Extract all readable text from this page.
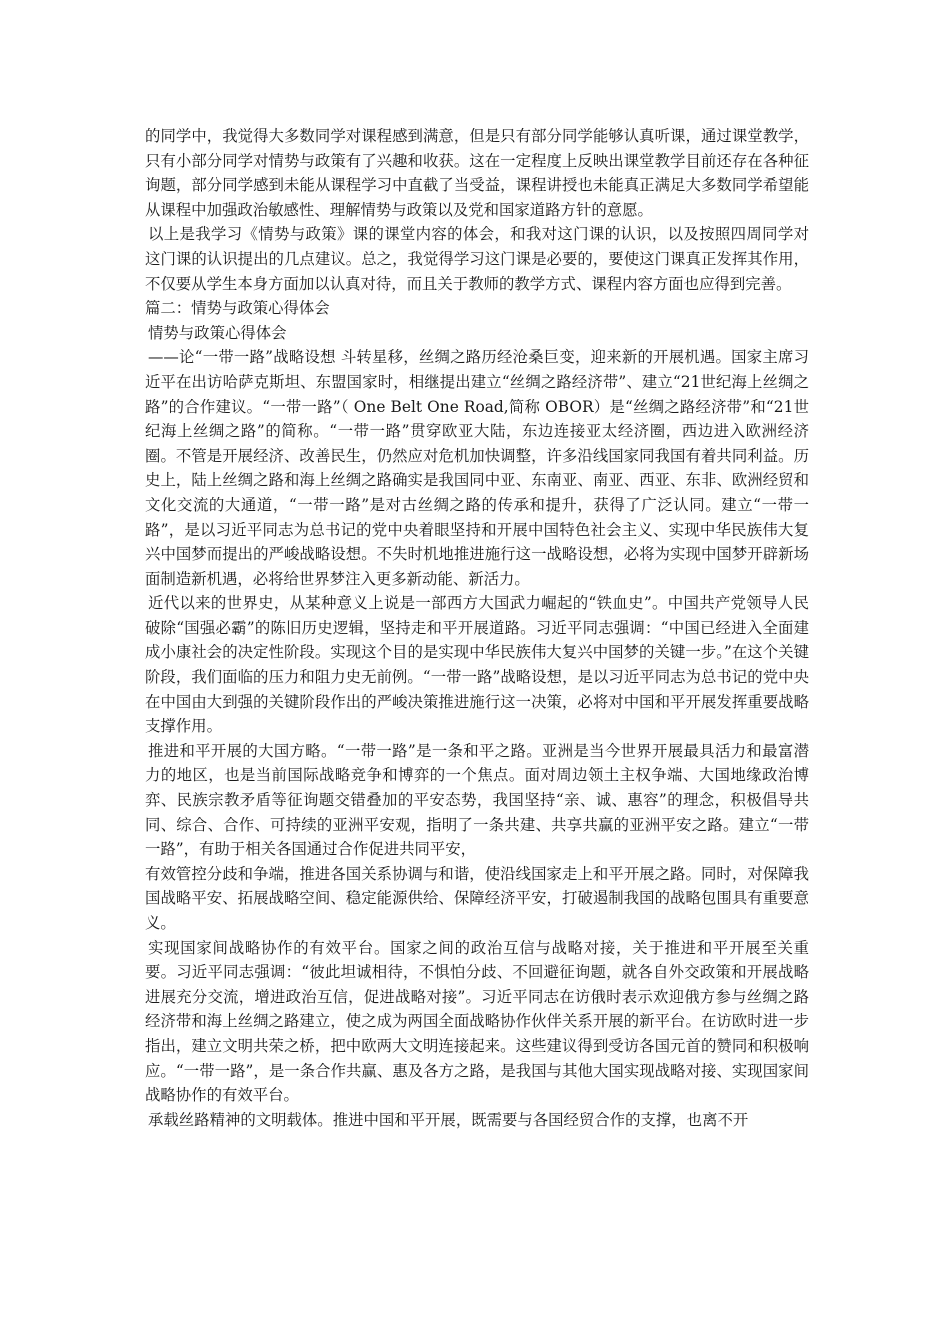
的同学中，我觉得大多数同学对课程感到满意，但是只有部分同学能够认真听课，通过课堂教学，只有小部分同学对情势与政策有了兴趣和收获。这在一定程度上反映出课堂教学目前还存在各种征询题，部分同学感到未能从课程学习中直截了当受益，课程讲授也未能真正满足大多数同学希望能从课程中加强政治敏感性、理解情势与政策以及党和国家道路方针的意愿。

以上是我学习《情势与政策》课的课堂内容的体会，和我对这门课的认识，以及按照四周同学对这门课的认识提出的几点建议。总之，我觉得学习这门课是必要的，要使这门课真正发挥其作用，不仅要从学生本身方面加以认真对待，而且关于教师的教学方式、课程内容方面也应得到完善。

篇二：情势与政策心得体会

情势与政策心得体会

——论“一带一路”战略设想 斗转星移，丝绸之路历经沧桑巨变，迎来新的开展机遇。国家主席习近平在出访哈萨克斯坦、东盟国家时，相继提出建立“丝绸之路经济带”、建立“21世纪海上丝绸之路”的合作建议。“一带一路”（ One Belt One Road,简称 OBOR）是“丝绸之路经济带”和“21世纪海上丝绸之路”的简称。“一带一路”贯穿欧亚大陆，东边连接亚太经济圈，西边进入欧洲经济圈。不管是开展经济、改善民生，仍然应对危机加快调整，许多沿线国家同我国有着共同利益。历史上，陆上丝绸之路和海上丝绸之路确实是我国同中亚、东南亚、南亚、西亚、东非、欧洲经贸和文化交流的大通道，“一带一路”是对古丝绸之路的传承和提升，获得了广泛认同。建立“一带一路”，是以习近平同志为总书记的党中央着眼坚持和开展中国特色社会主义、实现中华民族伟大复兴中国梦而提出的严峻战略设想。不失时机地推进施行这一战略设想，必将为实现中国梦开辟新场面制造新机遇，必将给世界梦注入更多新动能、新活力。

近代以来的世界史，从某种意义上说是一部西方大国武力崛起的“铁血史”。中国共产党领导人民破除“国强必霸”的陈旧历史逻辑，坚持走和平开展道路。习近平同志强调：“中国已经进入全面建成小康社会的决定性阶段。实现这个目的是实现中华民族伟大复兴中国梦的关键一步。”在这个关键阶段，我们面临的压力和阻力史无前例。“一带一路”战略设想，是以习近平同志为总书记的党中央在中国由大到强的关键阶段作出的严峻决策推进施行这一决策，必将对中国和平开展发挥重要战略支撑作用。

推进和平开展的大国方略。“一带一路”是一条和平之路。亚洲是当今世界开展最具活力和最富潜力的地区，也是当前国际战略竞争和博弈的一个焦点。面对周边领土主权争端、大国地缘政治博弈、民族宗教矛盾等征询题交错叠加的平安态势，我国坚持“亲、诚、惠容”的理念，积极倡导共同、综合、合作、可持续的亚洲平安观，指明了一条共建、共享共赢的亚洲平安之路。建立“一带一路”，有助于相关各国通过合作促进共同平安，

有效管控分歧和争端，推进各国关系协调与和谐，使沿线国家走上和平开展之路。同时，对保障我国战略平安、拓展战略空间、稳定能源供给、保障经济平安，打破遏制我国的战略包围具有重要意义。

实现国家间战略协作的有效平台。国家之间的政治互信与战略对接，关于推进和平开展至关重要。习近平同志强调：“彼此坦诚相待，不惧怕分歧、不回避征询题，就各自外交政策和开展战略进展充分交流，增进政治互信，促进战略对接”。习近平同志在访俄时表示欢迎俄方参与丝绸之路经济带和海上丝绸之路建立，使之成为两国全面战略协作伙伴关系开展的新平台。在访欧时进一步指出，建立文明共荣之桥，把中欧两大文明连接起来。这些建议得到受访各国元首的赞同和积极响应。“一带一路”，是一条合作共赢、惠及各方之路，是我国与其他大国实现战略对接、实现国家间战略协作的有效平台。

承载丝路精神的文明载体。推进中国和平开展，既需要与各国经贸合作的支撑，也离不开
